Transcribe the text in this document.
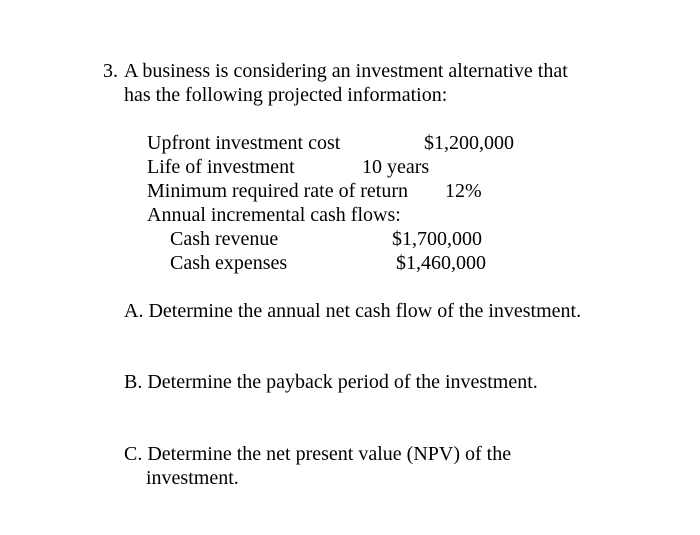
3. A business is considering an investment alternative that
has the following projected information:
Upfront investment cost	$1,200,000
Life of investment	10 years
Minimum required rate of return 12%
Annual incremental cash flows:
Cash revenue	$1,700,000
Cash expenses	$1,460,000
A. Determine the annual net cash flow of the investment.
B. Determine the payback period of the investment.
C. Determine the net present value (NPV) of the
investment.
